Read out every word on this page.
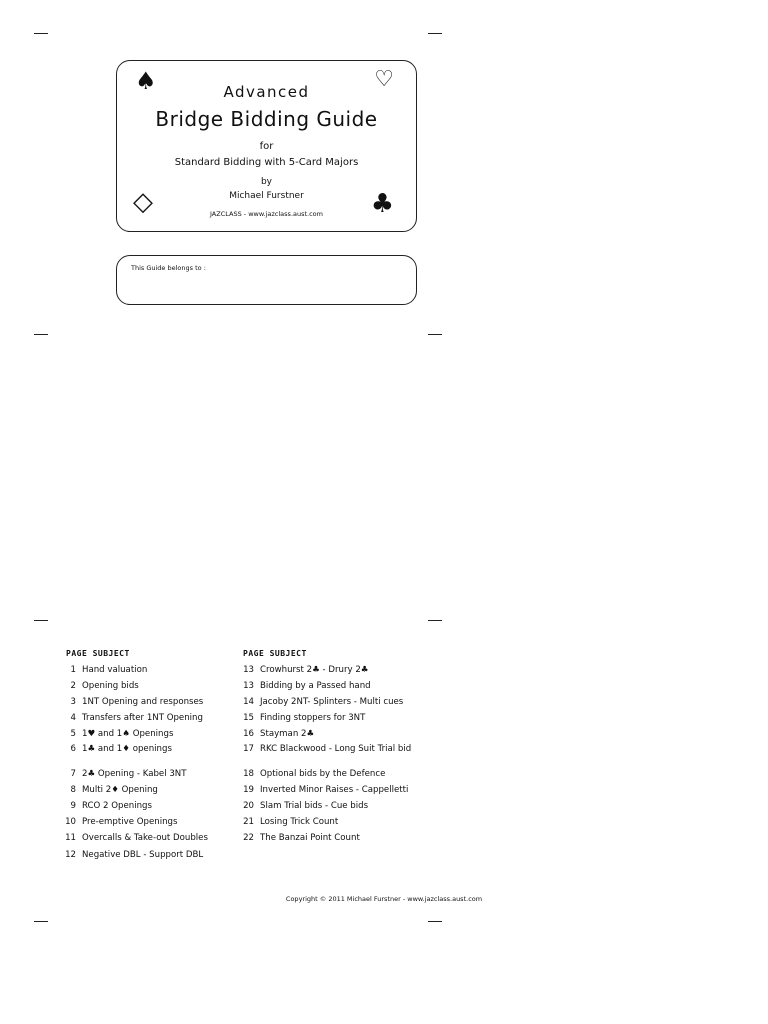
♠	♡
◇	♣
Advanced
Bridge Bidding Guide
for
Standard Bidding with 5-Card Majors
by
Michael Furstner
JAZCLASS - www.jazclass.aust.com
This Guide belongs to :
PAGE SUBJECT	PAGE SUBJECT
1 Hand valuation
2 Opening bids
3 1NT Opening and responses
4 Transfers after 1NT Opening
5 1♥ and 1♠ Openings
6 1♣ and 1♦ openings
7 2♣ Opening - Kabel 3NT
8 Multi 2♦ Opening
9 RCO 2 Openings
10 Pre-emptive Openings
11 Overcalls & Take-out Doubles
12 Negative DBL - Support DBL
13 Crowhurst 2♣ - Drury 2♣
13 Bidding by a Passed hand
14 Jacoby 2NT- Splinters - Multi cues
15 Finding stoppers for 3NT
16 Stayman 2♣
17 RKC Blackwood - Long Suit Trial bid
18 Optional bids by the Defence
19 Inverted Minor Raises - Cappelletti
20 Slam Trial bids - Cue bids
21 Losing Trick Count
22 The Banzai Point Count
Copyright © 2011 Michael Furstner - www.jazclass.aust.com
